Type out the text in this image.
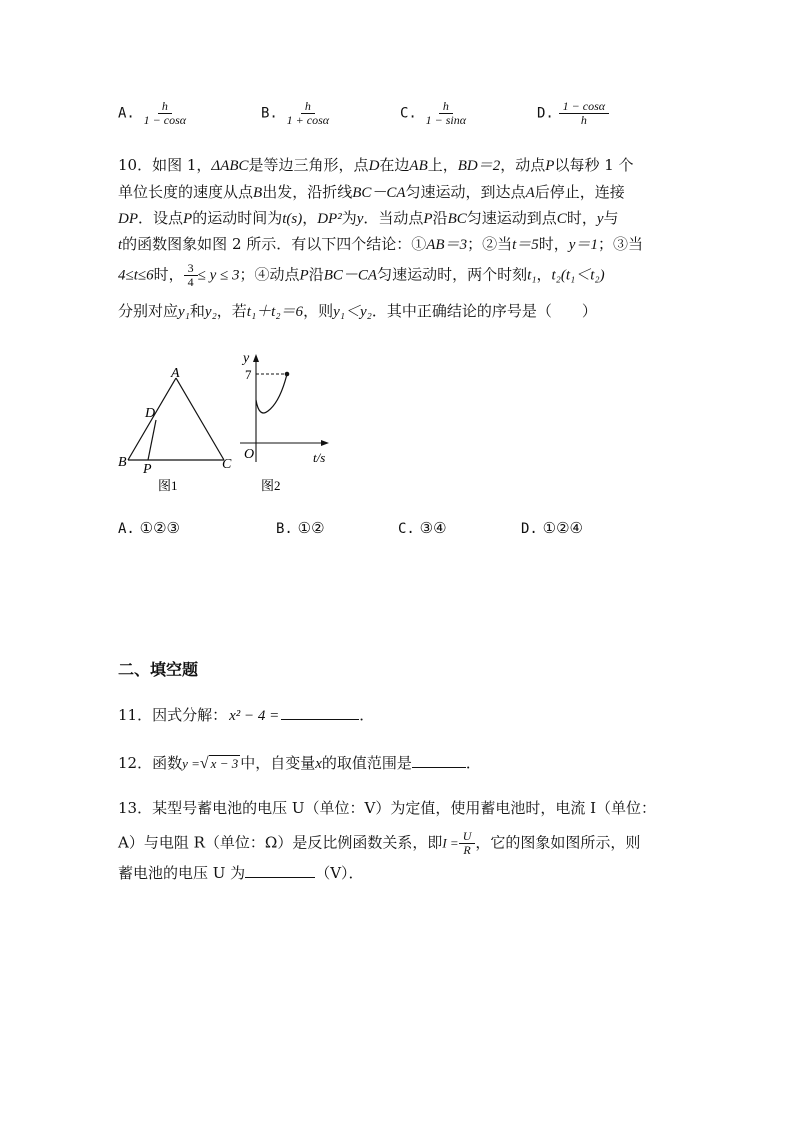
A. $\frac{h}{1 - \cos\alpha}$	B. $\frac{h}{1 + \cos\alpha}$	C. $\frac{h}{1 - \sin\alpha}$	D. $\frac{1 - \cos\alpha}{h}$
10．如图 1，ΔABC是等边三角形，点D在边AB上，BD＝2，动点P以每秒 1 个
单位长度的速度从点B出发，沿折线BC－CA匀速运动，到达点A后停止，连接
DP．设点P的运动时间为t(s)，DP²为y．当动点P沿BC匀速运动到点C时，y与
t的函数图象如图 2 所示．有以下四个结论：①AB＝3；②当t＝5时，y＝1；③当
4≤t≤6时， $\frac{3}{4} \le y \le 3$；④动点P沿BC－CA匀速运动时，两个时刻t₁，t₂(t₁＜t₂)
分别对应y₁和y₂，若t₁＋t₂＝6，则y₁＜y₂．其中正确结论的序号是（　　）
A
B	C
D
P
图1
y
7
O	t/s
图2
A. ①②③	B. ①②	C. ③④	D. ①②④
二、填空题
11．因式分解： x² − 4 =	．
12．函数y =√ x − 3 中，自变量x的取值范围是	．
13．某型号蓄电池的电压 U（单位：V）为定值，使用蓄电池时，电流 I（单位：
A）与电阻 R（单位：Ω）是反比例函数关系，即$I = \frac{U}{R}$ ，它的图象如图所示，则
蓄电池的电压 U 为	（V）．
